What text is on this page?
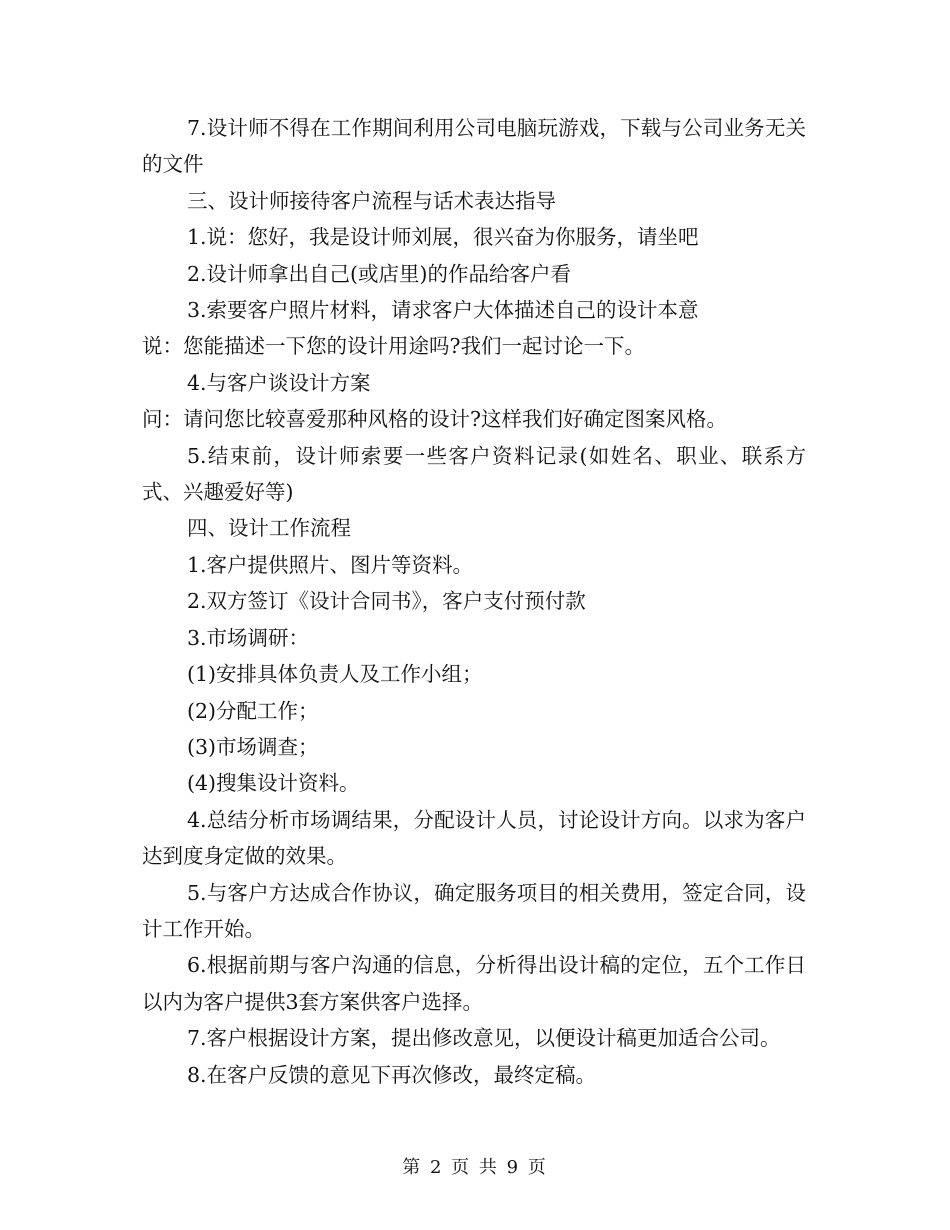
7.设计师不得在工作期间利用公司电脑玩游戏，下载与公司业务无关的文件

三、设计师接待客户流程与话术表达指导

1.说：您好，我是设计师刘展，很兴奋为你服务，请坐吧

2.设计师拿出自己(或店里)的作品给客户看

3.索要客户照片材料，请求客户大体描述自己的设计本意

说：您能描述一下您的设计用途吗?我们一起讨论一下。

4.与客户谈设计方案

问：请问您比较喜爱那种风格的设计?这样我们好确定图案风格。

5.结束前，设计师索要一些客户资料记录(如姓名、职业、联系方式、兴趣爱好等)

四、设计工作流程

1.客户提供照片、图片等资料。

2.双方签订《设计合同书》，客户支付预付款

3.市场调研：

(1)安排具体负责人及工作小组；

(2)分配工作；

(3)市场调查；

(4)搜集设计资料。

4.总结分析市场调结果，分配设计人员，讨论设计方向。以求为客户达到度身定做的效果。

5.与客户方达成合作协议，确定服务项目的相关费用，签定合同，设计工作开始。

6.根据前期与客户沟通的信息，分析得出设计稿的定位，五个工作日以内为客户提供3套方案供客户选择。

7.客户根据设计方案，提出修改意见，以便设计稿更加适合公司。

8.在客户反馈的意见下再次修改，最终定稿。

第 2 页 共 9 页
